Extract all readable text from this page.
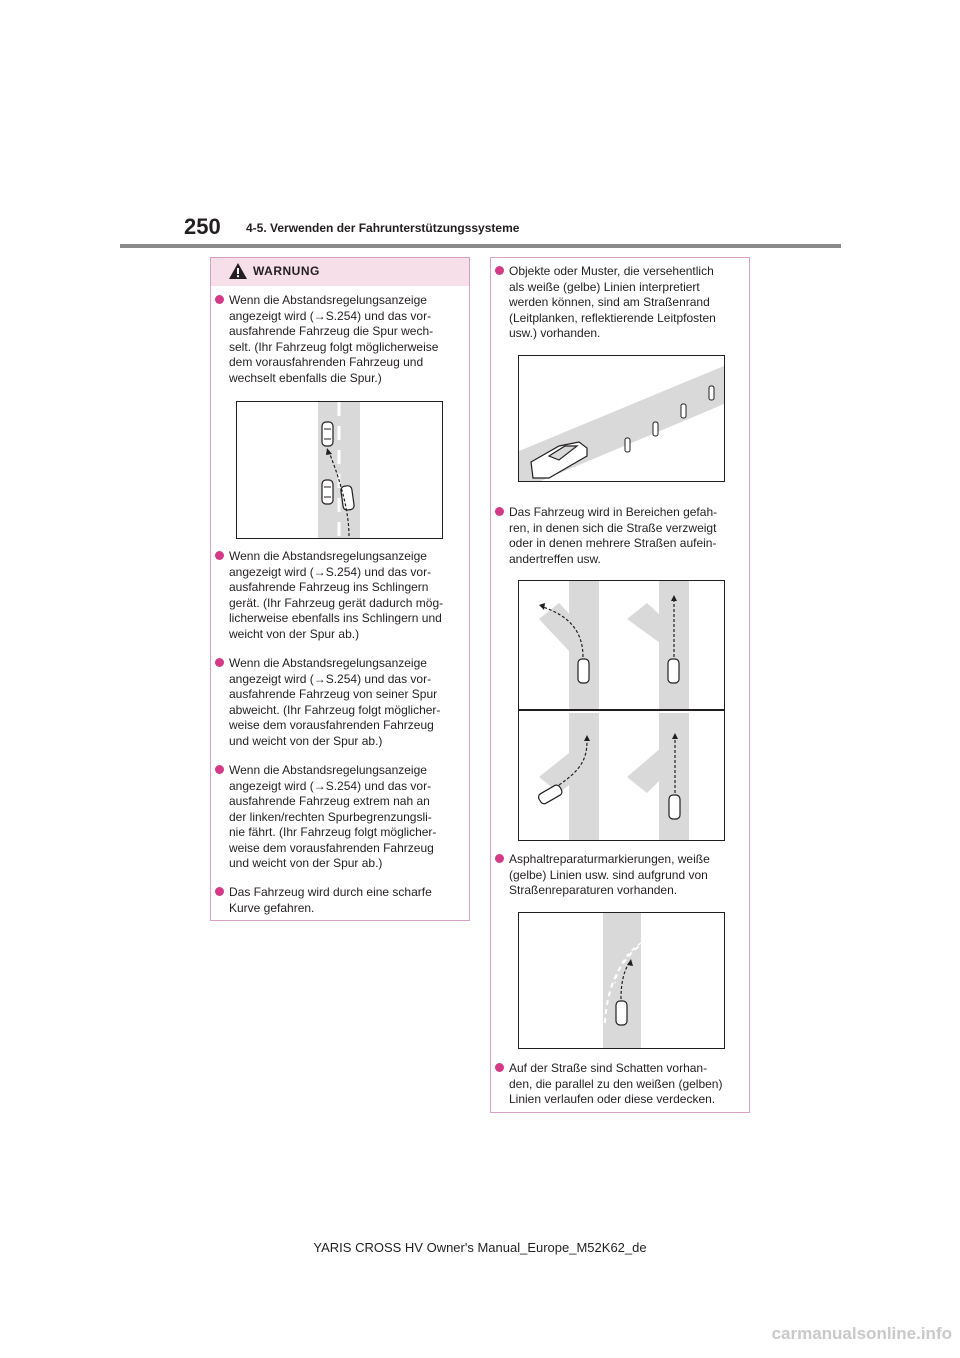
250 4-5. Verwenden der Fahrunterstützungssysteme
WARNUNG

Wenn die Abstandsregelungsanzeige
angezeigt wird (→S.254) und das vor-
ausfahrende Fahrzeug die Spur wech-
selt. (Ihr Fahrzeug folgt möglicherweise
dem vorausfahrenden Fahrzeug und
wechselt ebenfalls die Spur.)

Wenn die Abstandsregelungsanzeige
angezeigt wird (→S.254) und das vor-
ausfahrende Fahrzeug ins Schlingern
gerät. (Ihr Fahrzeug gerät dadurch mög-
licherweise ebenfalls ins Schlingern und
weicht von der Spur ab.)

Wenn die Abstandsregelungsanzeige
angezeigt wird (→S.254) und das vor-
ausfahrende Fahrzeug von seiner Spur
abweicht. (Ihr Fahrzeug folgt möglicher-
weise dem vorausfahrenden Fahrzeug
und weicht von der Spur ab.)

Wenn die Abstandsregelungsanzeige
angezeigt wird (→S.254) und das vor-
ausfahrende Fahrzeug extrem nah an
der linken/rechten Spurbegrenzungsli-
nie fährt. (Ihr Fahrzeug folgt möglicher-
weise dem vorausfahrenden Fahrzeug
und weicht von der Spur ab.)

Das Fahrzeug wird durch eine scharfe
Kurve gefahren.

Objekte oder Muster, die versehentlich
als weiße (gelbe) Linien interpretiert
werden können, sind am Straßenrand
(Leitplanken, reflektierende Leitpfosten
usw.) vorhanden.

Das Fahrzeug wird in Bereichen gefah-
ren, in denen sich die Straße verzweigt
oder in denen mehrere Straßen aufein-
andertreffen usw.

Asphaltreparaturmarkierungen, weiße
(gelbe) Linien usw. sind aufgrund von
Straßenreparaturen vorhanden.

Auf der Straße sind Schatten vorhan-
den, die parallel zu den weißen (gelben)
Linien verlaufen oder diese verdecken.

YARIS CROSS HV Owner's Manual_Europe_M52K62_de
carmanualsonline.info
